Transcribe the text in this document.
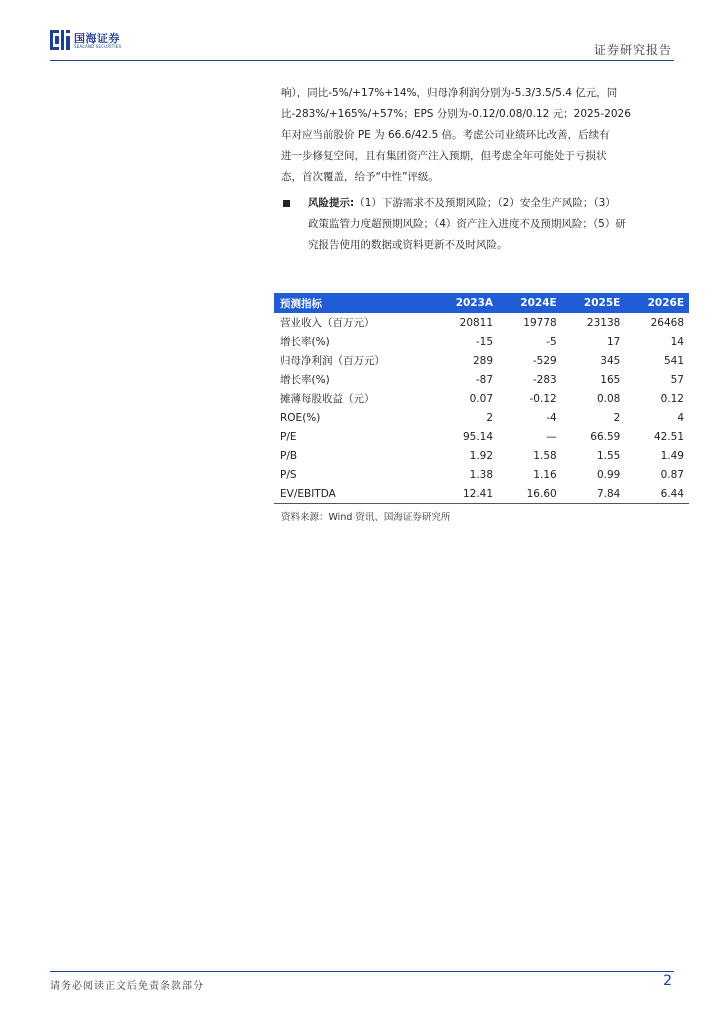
国海证券
SEALAND SECURITIES	证券研究报告

响），同比-5%/+17%+14%，归母净利润分别为-5.3/3.5/5.4 亿元，同

比-283%/+165%/+57%；EPS 分别为-0.12/0.08/0.12 元；2025-2026

年对应当前股价 PE 为 66.6/42.5 倍。考虑公司业绩环比改善，后续有

进一步修复空间，且有集团资产注入预期，但考虑全年可能处于亏损状

态，首次覆盖，给予“中性”评级。

风险提示:（1）下游需求不及预期风险；（2）安全生产风险；（3）

政策监管力度超预期风险；（4）资产注入进度不及预期风险；（5）研

究报告使用的数据或资料更新不及时风险。

预测指标	2023A	2024E	2025E	2026E
营业收入（百万元）	20811	19778	23138	26468
增长率(%)	-15	-5	17	14
归母净利润（百万元）	289	-529	345	541
增长率(%)	-87	-283	165	57
摊薄每股收益（元）	0.07	-0.12	0.08	0.12
ROE(%)	2	-4	2	4
P/E	95.14	—	66.59	42.51
P/B	1.92	1.58	1.55	1.49
P/S	1.38	1.16	0.99	0.87
EV/EBITDA	12.41	16.60	7.84	6.44
资料来源：Wind 资讯、国海证券研究所
请务必阅读正文后免责条款部分	2
